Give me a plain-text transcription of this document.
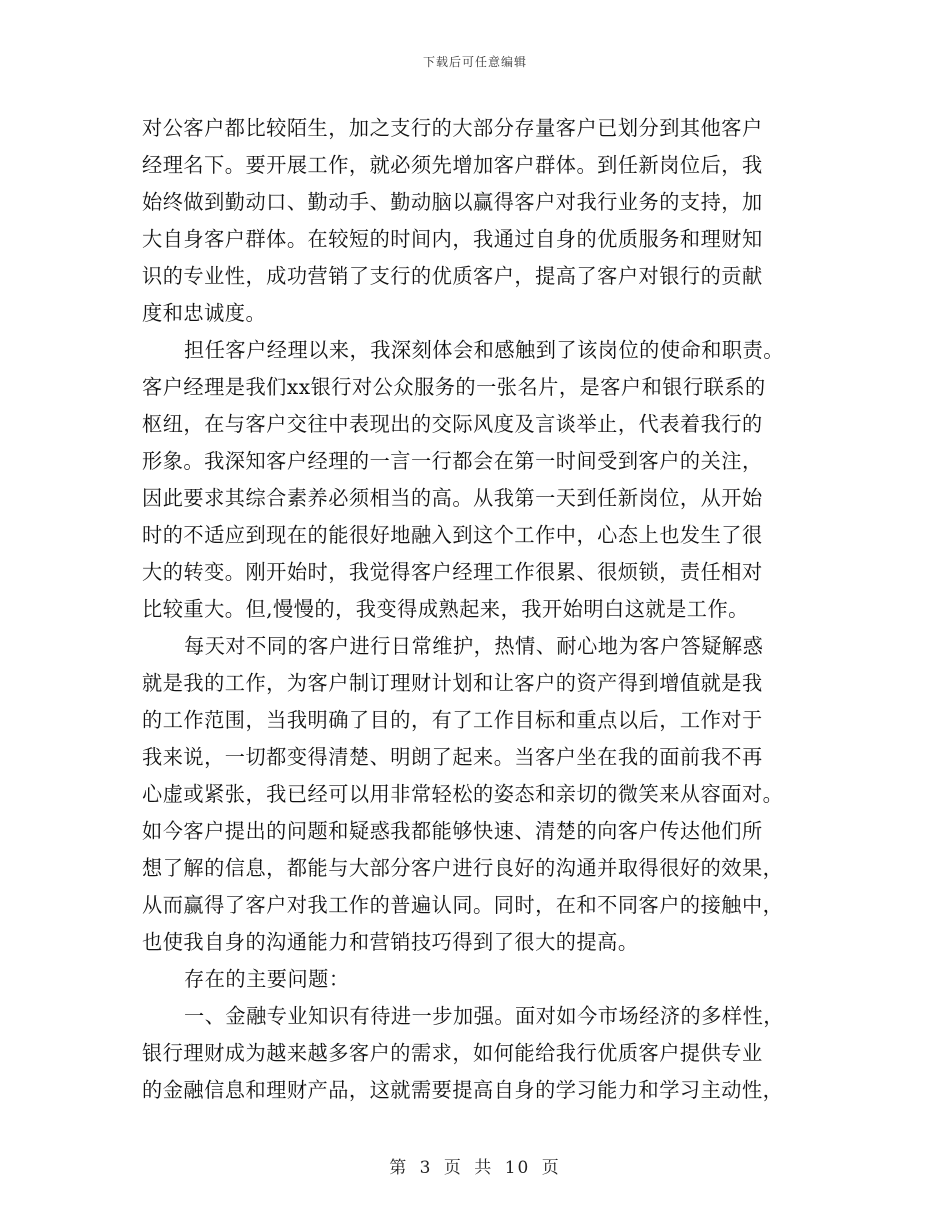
下载后可任意编辑
对公客户都比较陌生，加之支行的大部分存量客户已划分到其他客户
经理名下。要开展工作，就必须先增加客户群体。到任新岗位后，我
始终做到勤动口、勤动手、勤动脑以赢得客户对我行业务的支持，加
大自身客户群体。在较短的时间内，我通过自身的优质服务和理财知
识的专业性，成功营销了支行的优质客户，提高了客户对银行的贡献
度和忠诚度。
担任客户经理以来，我深刻体会和感触到了该岗位的使命和职责。
客户经理是我们xx银行对公众服务的一张名片，是客户和银行联系的
枢纽，在与客户交往中表现出的交际风度及言谈举止，代表着我行的
形象。我深知客户经理的一言一行都会在第一时间受到客户的关注，
因此要求其综合素养必须相当的高。从我第一天到任新岗位，从开始
时的不适应到现在的能很好地融入到这个工作中，心态上也发生了很
大的转变。刚开始时，我觉得客户经理工作很累、很烦锁，责任相对
比较重大。但,慢慢的，我变得成熟起来，我开始明白这就是工作。
每天对不同的客户进行日常维护，热情、耐心地为客户答疑解惑
就是我的工作，为客户制订理财计划和让客户的资产得到增值就是我
的工作范围，当我明确了目的，有了工作目标和重点以后，工作对于
我来说，一切都变得清楚、明朗了起来。当客户坐在我的面前我不再
心虚或紧张，我已经可以用非常轻松的姿态和亲切的微笑来从容面对。
如今客户提出的问题和疑惑我都能够快速、清楚的向客户传达他们所
想了解的信息，都能与大部分客户进行良好的沟通并取得很好的效果，
从而赢得了客户对我工作的普遍认同。同时，在和不同客户的接触中，
也使我自身的沟通能力和营销技巧得到了很大的提高。
存在的主要问题：
一、金融专业知识有待进一步加强。面对如今市场经济的多样性，
银行理财成为越来越多客户的需求，如何能给我行优质客户提供专业
的金融信息和理财产品，这就需要提高自身的学习能力和学习主动性，
第 3 页 共 10 页
